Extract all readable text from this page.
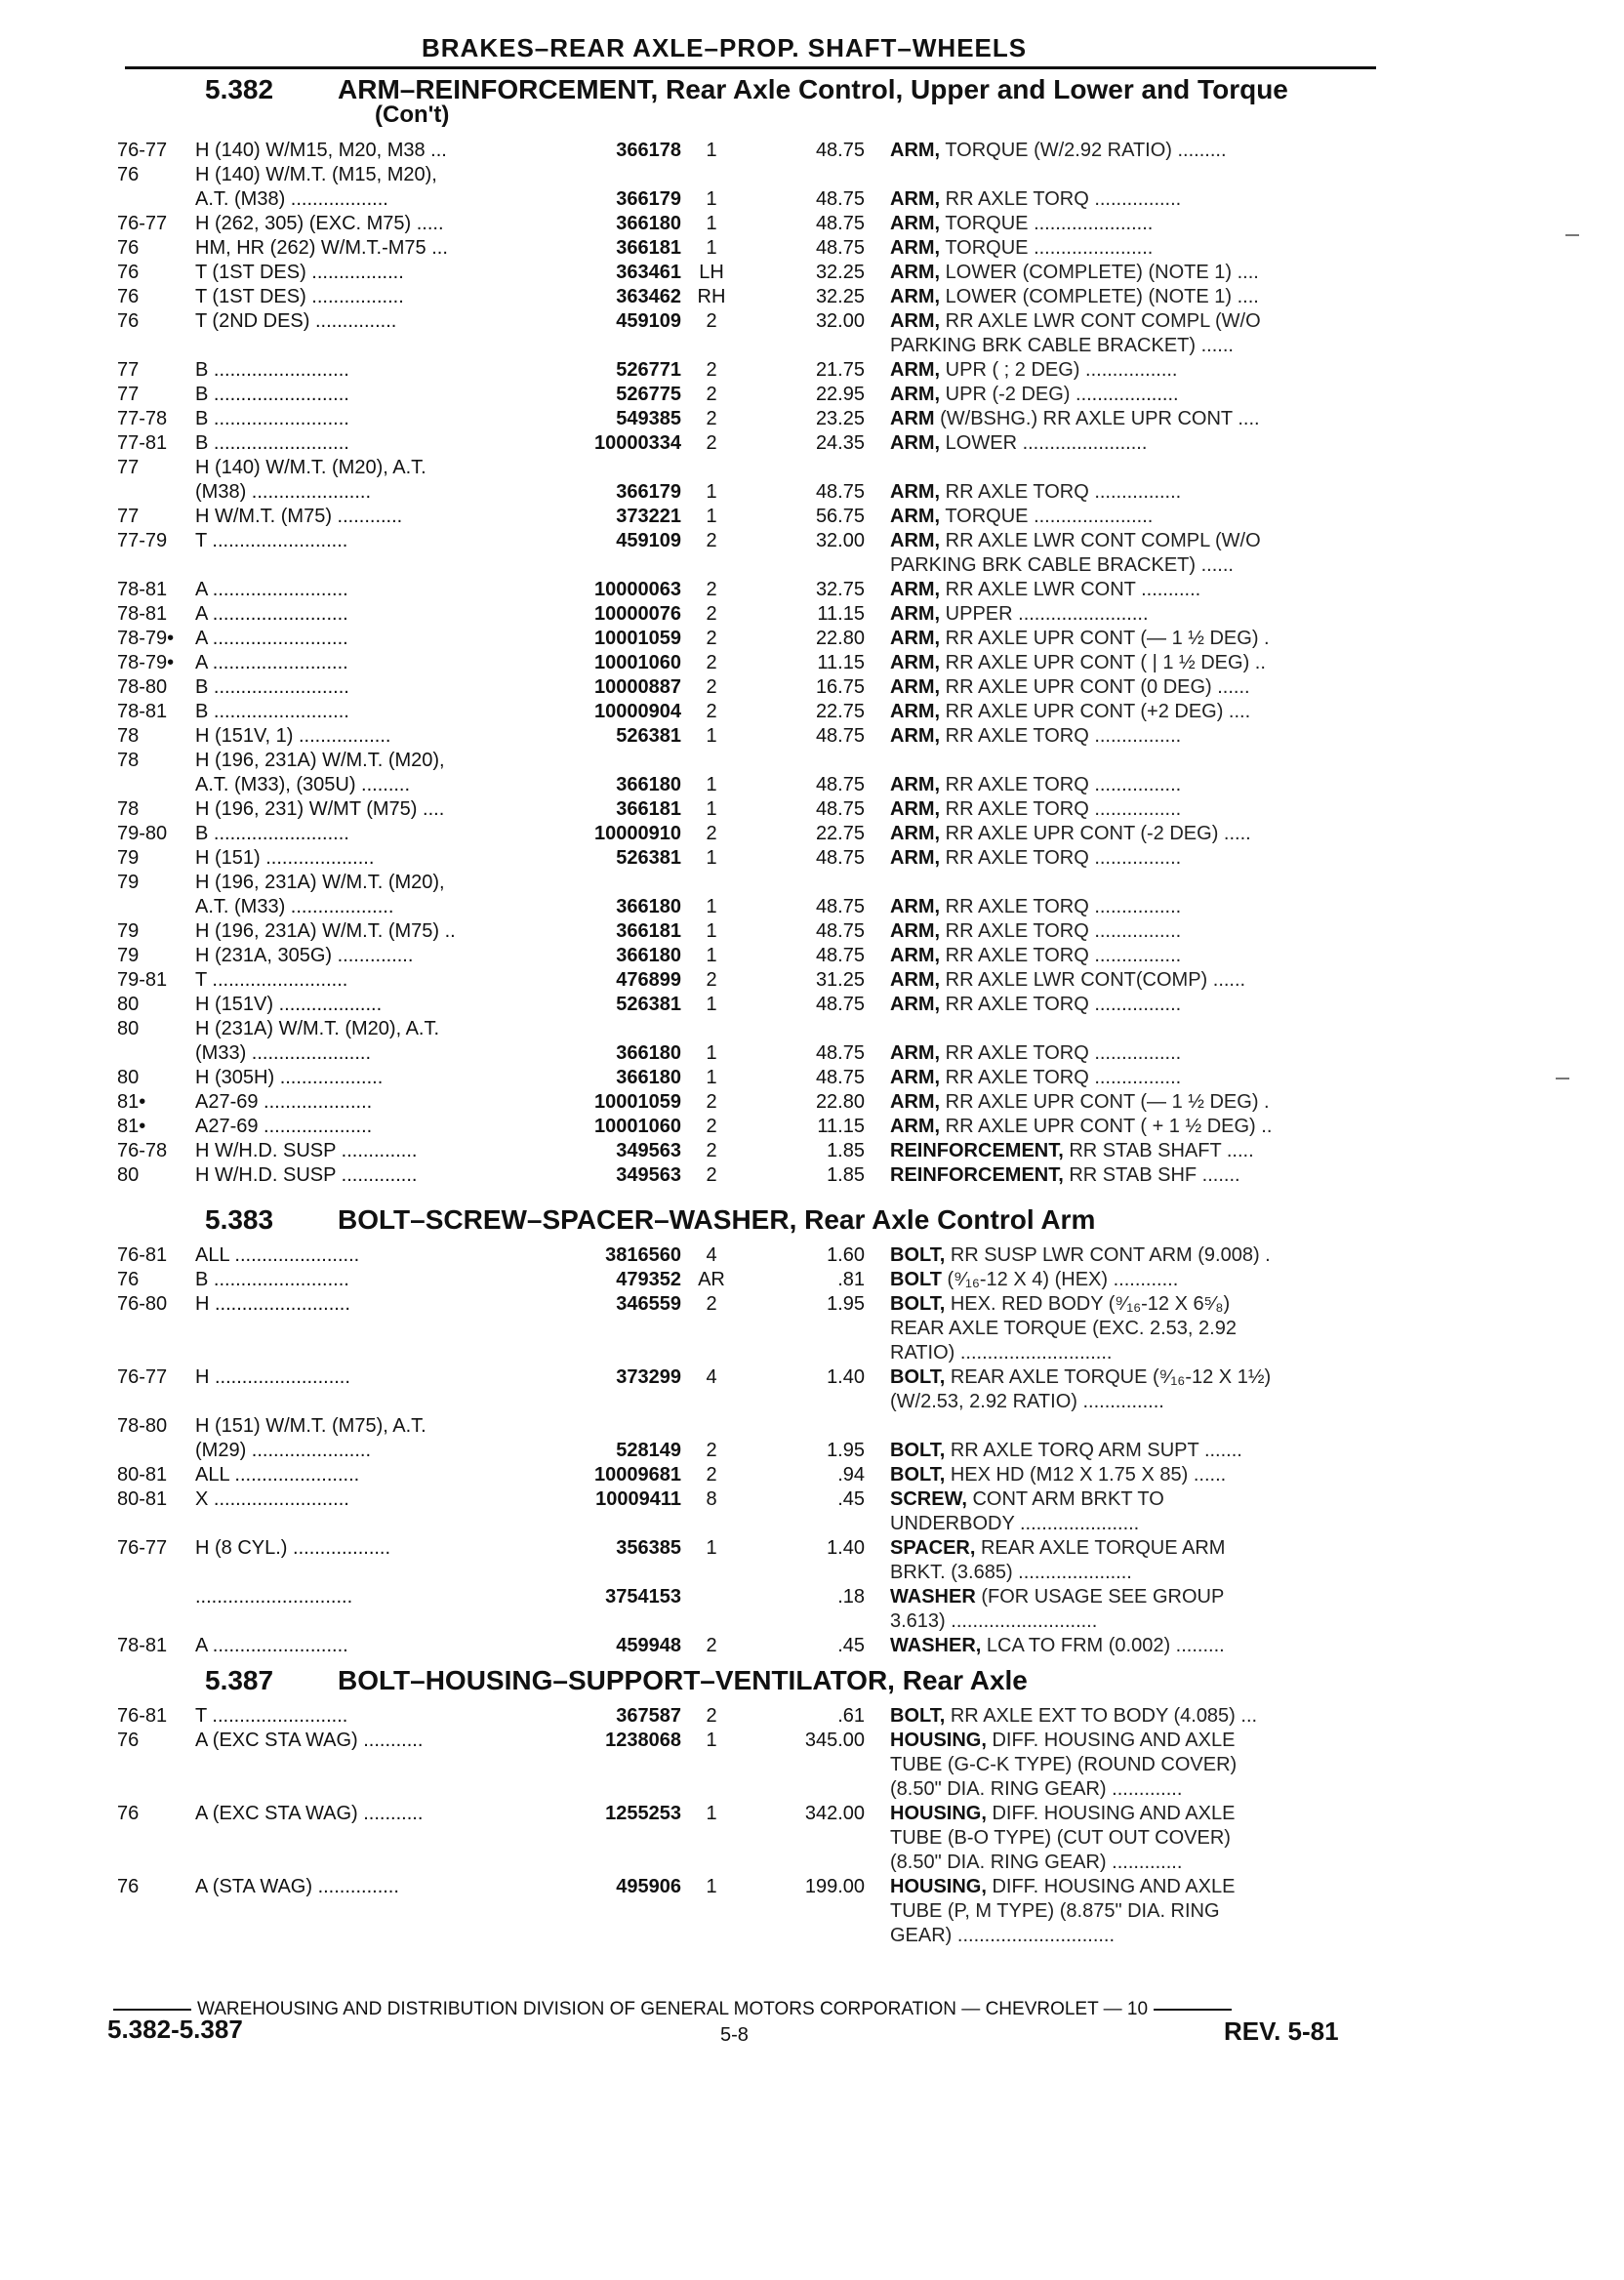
BRAKES–REAR AXLE–PROP. SHAFT–WHEELS
5.382 ARM–REINFORCEMENT, Rear Axle Control, Upper and Lower and Torque
(Con't)
76-77	H (140) W/M15, M20, M38 ...	366178	1	48.75 ARM, TORQUE (W/2.92 RATIO) .........
76	H (140) W/M.T. (M15, M20),
A.T. (M38) ..................	366179	1	48.75 ARM, RR AXLE TORQ ................
76-77	H (262, 305) (EXC. M75) .....	366180	1	48.75 ARM, TORQUE ......................
76	HM, HR (262) W/M.T.-M75 ...	366181	1	48.75 ARM, TORQUE ......................
76	T (1ST DES) .................	363461 LH	32.25 ARM, LOWER (COMPLETE) (NOTE 1) ....
76	T (1ST DES) .................	363462 RH	32.25 ARM, LOWER (COMPLETE) (NOTE 1) ....
76	T (2ND DES) ...............	459109	2	32.00 ARM, RR AXLE LWR CONT COMPL (W/O
PARKING BRK CABLE BRACKET) ......
77	B .........................	526771	2	21.75 ARM, UPR ( ; 2 DEG) .................
77	B .........................	526775	2	22.95 ARM, UPR (-2 DEG) ...................
77-78	B .........................	549385	2	23.25 ARM (W/BSHG.) RR AXLE UPR CONT ....
77-81	B .........................	10000334	2	24.35 ARM, LOWER .......................
77	H (140) W/M.T. (M20), A.T.
(M38) ......................	366179	1	48.75 ARM, RR AXLE TORQ ................
77	H W/M.T. (M75) ............	373221	1	56.75 ARM, TORQUE ......................
77-79	T .........................	459109	2	32.00 ARM, RR AXLE LWR CONT COMPL (W/O
PARKING BRK CABLE BRACKET) ......
78-81	A .........................	10000063	2	32.75 ARM, RR AXLE LWR CONT ...........
78-81	A .........................	10000076	2	11.15 ARM, UPPER ........................
78-79•	A .........................	10001059	2	22.80 ARM, RR AXLE UPR CONT (— 1 ½ DEG) .
78-79•	A .........................	10001060	2	11.15 ARM, RR AXLE UPR CONT ( | 1 ½ DEG) ..
78-80	B .........................	10000887	2	16.75 ARM, RR AXLE UPR CONT (0 DEG) ......
78-81	B .........................	10000904	2	22.75 ARM, RR AXLE UPR CONT (+2 DEG) ....
78	H (151V, 1) .................	526381	1	48.75 ARM, RR AXLE TORQ ................
78	H (196, 231A) W/M.T. (M20),
A.T. (M33), (305U) .........	366180	1	48.75 ARM, RR AXLE TORQ ................
78	H (196, 231) W/MT (M75) ....	366181	1	48.75 ARM, RR AXLE TORQ ................
79-80	B .........................	10000910	2	22.75 ARM, RR AXLE UPR CONT (-2 DEG) .....
79	H (151) ....................	526381	1	48.75 ARM, RR AXLE TORQ ................
79	H (196, 231A) W/M.T. (M20),
A.T. (M33) ...................	366180	1	48.75 ARM, RR AXLE TORQ ................
79	H (196, 231A) W/M.T. (M75) ..	366181	1	48.75 ARM, RR AXLE TORQ ................
79	H (231A, 305G) ..............	366180	1	48.75 ARM, RR AXLE TORQ ................
79-81	T .........................	476899	2	31.25 ARM, RR AXLE LWR CONT(COMP) ......
80	H (151V) ...................	526381	1	48.75 ARM, RR AXLE TORQ ................
80	H (231A) W/M.T. (M20), A.T.
(M33) ......................	366180	1	48.75 ARM, RR AXLE TORQ ................
80	H (305H) ...................	366180	1	48.75 ARM, RR AXLE TORQ ................
81•	A27-69 ....................	10001059	2	22.80 ARM, RR AXLE UPR CONT (— 1 ½ DEG) .
81•	A27-69 ....................	10001060	2	11.15 ARM, RR AXLE UPR CONT ( + 1 ½ DEG) ..
76-78	H W/H.D. SUSP ..............	349563	2	1.85 REINFORCEMENT, RR STAB SHAFT .....
80	H W/H.D. SUSP ..............	349563	2	1.85 REINFORCEMENT, RR STAB SHF .......
5.383 BOLT–SCREW–SPACER–WASHER, Rear Axle Control Arm
76-81	ALL .......................	3816560	4	1.60 BOLT, RR SUSP LWR CONT ARM (9.008) .
76	B .........................	479352 AR	.81 BOLT (⁹⁄₁₆-12 X 4) (HEX) ............
76-80	H .........................	346559	2	1.95 BOLT, HEX. RED BODY (⁹⁄₁₆-12 X 6⁵⁄₈)
REAR AXLE TORQUE (EXC. 2.53, 2.92
RATIO) ............................
76-77	H .........................	373299	4	1.40 BOLT, REAR AXLE TORQUE (⁹⁄₁₆-12 X 1½)
(W/2.53, 2.92 RATIO) ...............
78-80	H (151) W/M.T. (M75), A.T.
(M29) ......................	528149	2	1.95 BOLT, RR AXLE TORQ ARM SUPT .......
80-81	ALL .......................	10009681	2	.94 BOLT, HEX HD (M12 X 1.75 X 85) ......
80-81	X .........................	10009411	8	.45 SCREW, CONT ARM BRKT TO
UNDERBODY ......................
76-77	H (8 CYL.) ..................	356385	1	1.40 SPACER, REAR AXLE TORQUE ARM
BRKT. (3.685) .....................
.............................	3754153	.18 WASHER (FOR USAGE SEE GROUP
3.613) ...........................
78-81	A .........................	459948	2	.45 WASHER, LCA TO FRM (0.002) .........
5.387 BOLT–HOUSING–SUPPORT–VENTILATOR, Rear Axle
76-81	T .........................	367587	2	.61 BOLT, RR AXLE EXT TO BODY (4.085) ...
76	A (EXC STA WAG) ...........	1238068	1	345.00 HOUSING, DIFF. HOUSING AND AXLE
TUBE (G-C-K TYPE) (ROUND COVER)
(8.50" DIA. RING GEAR) .............
76	A (EXC STA WAG) ...........	1255253	1	342.00 HOUSING, DIFF. HOUSING AND AXLE
TUBE (B-O TYPE) (CUT OUT COVER)
(8.50" DIA. RING GEAR) .............
76	A (STA WAG) ...............	495906	1	199.00 HOUSING, DIFF. HOUSING AND AXLE
TUBE (P, M TYPE) (8.875" DIA. RING
GEAR) .............................
WAREHOUSING AND DISTRIBUTION DIVISION OF GENERAL MOTORS CORPORATION — CHEVROLET — 10
5.382-5.387	5-8	REV. 5-81
